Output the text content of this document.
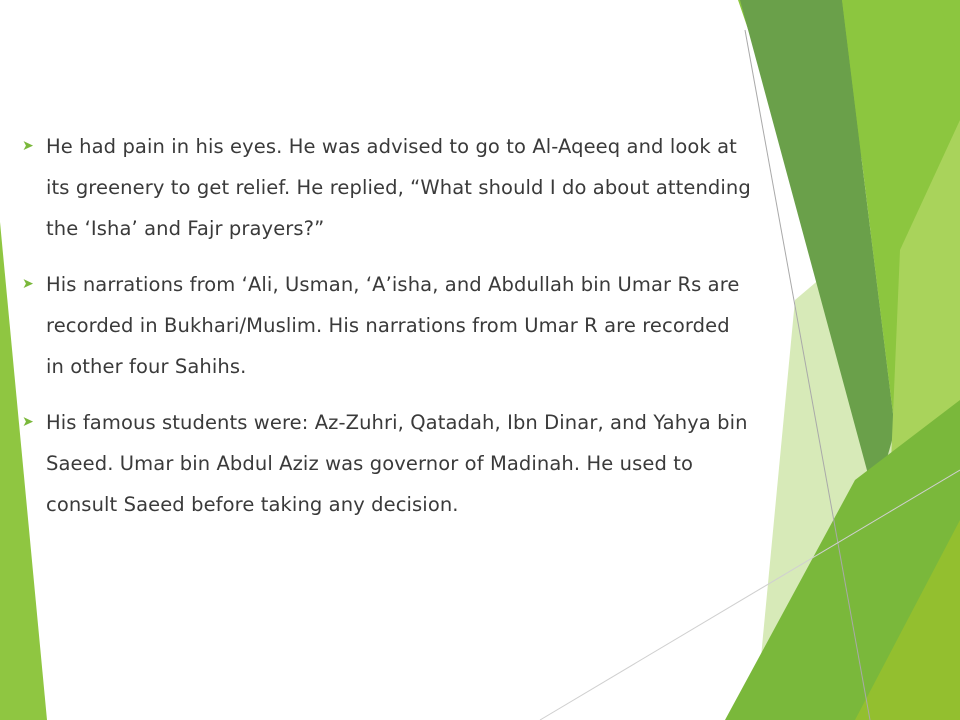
➤ He had pain in his eyes. He was advised to go to Al-Aqeeq and look at its greenery to get relief. He replied, “What should I do about attending the ‘Isha’ and Fajr prayers?”
➤ His narrations from ‘Ali, Usman, ‘A’isha, and Abdullah bin Umar Rs are recorded in Bukhari/Muslim. His narrations from Umar R are recorded in other four Sahihs.
➤ His famous students were: Az-Zuhri, Qatadah, Ibn Dinar, and Yahya bin Saeed. Umar bin Abdul Aziz was governor of Madinah. He used to consult Saeed before taking any decision.
